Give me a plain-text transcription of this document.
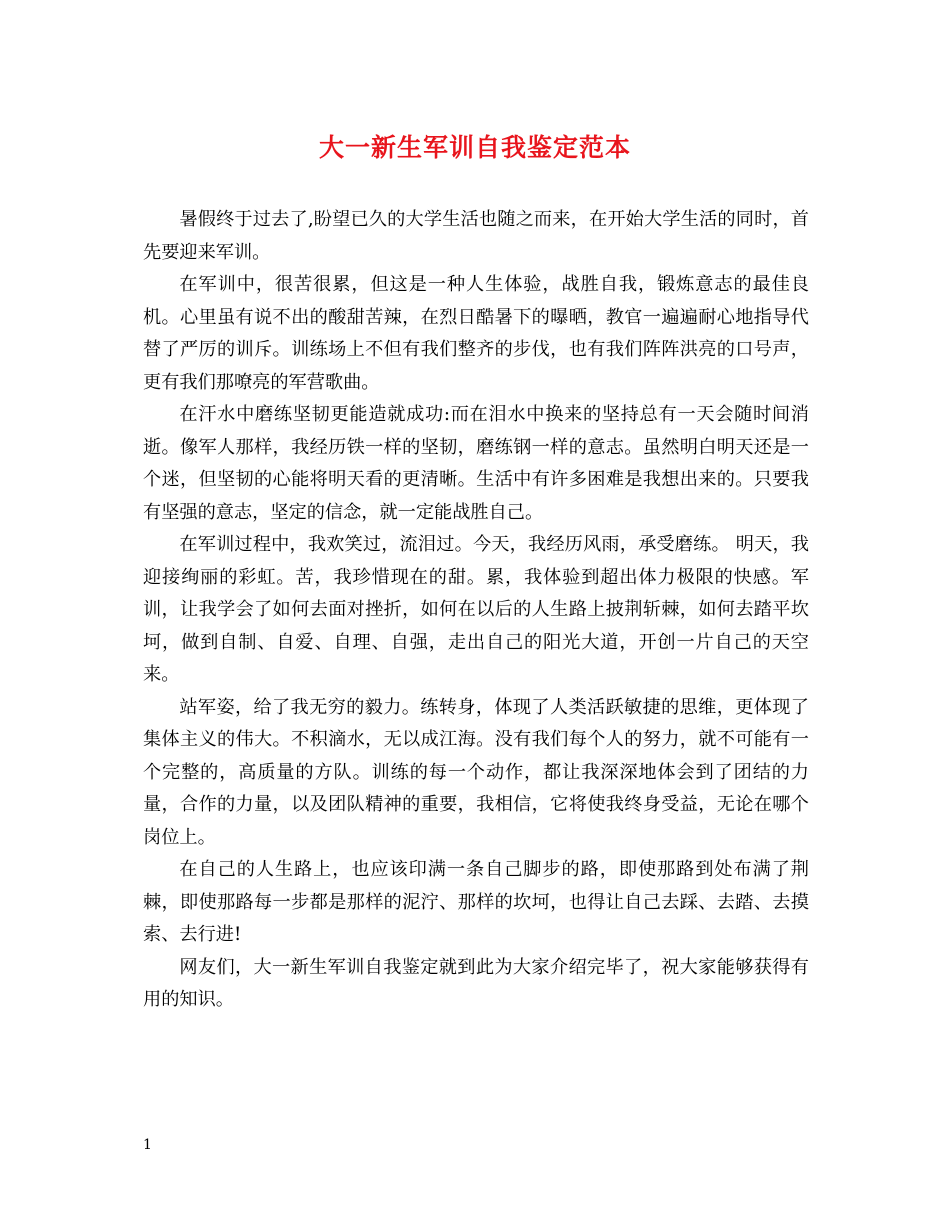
大一新生军训自我鉴定范本

暑假终于过去了,盼望已久的大学生活也随之而来，在开始大学生活的同时，首先要迎来军训。

在军训中，很苦很累，但这是一种人生体验，战胜自我，锻炼意志的最佳良机。心里虽有说不出的酸甜苦辣，在烈日酷暑下的曝晒，教官一遍遍耐心地指导代替了严厉的训斥。训练场上不但有我们整齐的步伐，也有我们阵阵洪亮的口号声，更有我们那嘹亮的军营歌曲。

在汗水中磨练坚韧更能造就成功:而在泪水中换来的坚持总有一天会随时间消逝。像军人那样，我经历铁一样的坚韧，磨练钢一样的意志。虽然明白明天还是一个迷，但坚韧的心能将明天看的更清晰。生活中有许多困难是我想出来的。只要我有坚强的意志，坚定的信念，就一定能战胜自己。

在军训过程中，我欢笑过，流泪过。今天，我经历风雨，承受磨练。 明天，我迎接绚丽的彩虹。苦，我珍惜现在的甜。累，我体验到超出体力极限的快感。军训，让我学会了如何去面对挫折，如何在以后的人生路上披荆斩棘，如何去踏平坎坷，做到自制、自爱、自理、自强，走出自己的阳光大道，开创一片自己的天空来。

站军姿，给了我无穷的毅力。练转身，体现了人类活跃敏捷的思维，更体现了集体主义的伟大。不积滴水，无以成江海。没有我们每个人的努力，就不可能有一个完整的，高质量的方队。训练的每一个动作，都让我深深地体会到了团结的力量，合作的力量，以及团队精神的重要，我相信，它将使我终身受益，无论在哪个岗位上。

在自己的人生路上，也应该印满一条自己脚步的路，即使那路到处布满了荆棘，即使那路每一步都是那样的泥泞、那样的坎坷，也得让自己去踩、去踏、去摸索、去行进!

网友们，大一新生军训自我鉴定就到此为大家介绍完毕了，祝大家能够获得有用的知识。

1
